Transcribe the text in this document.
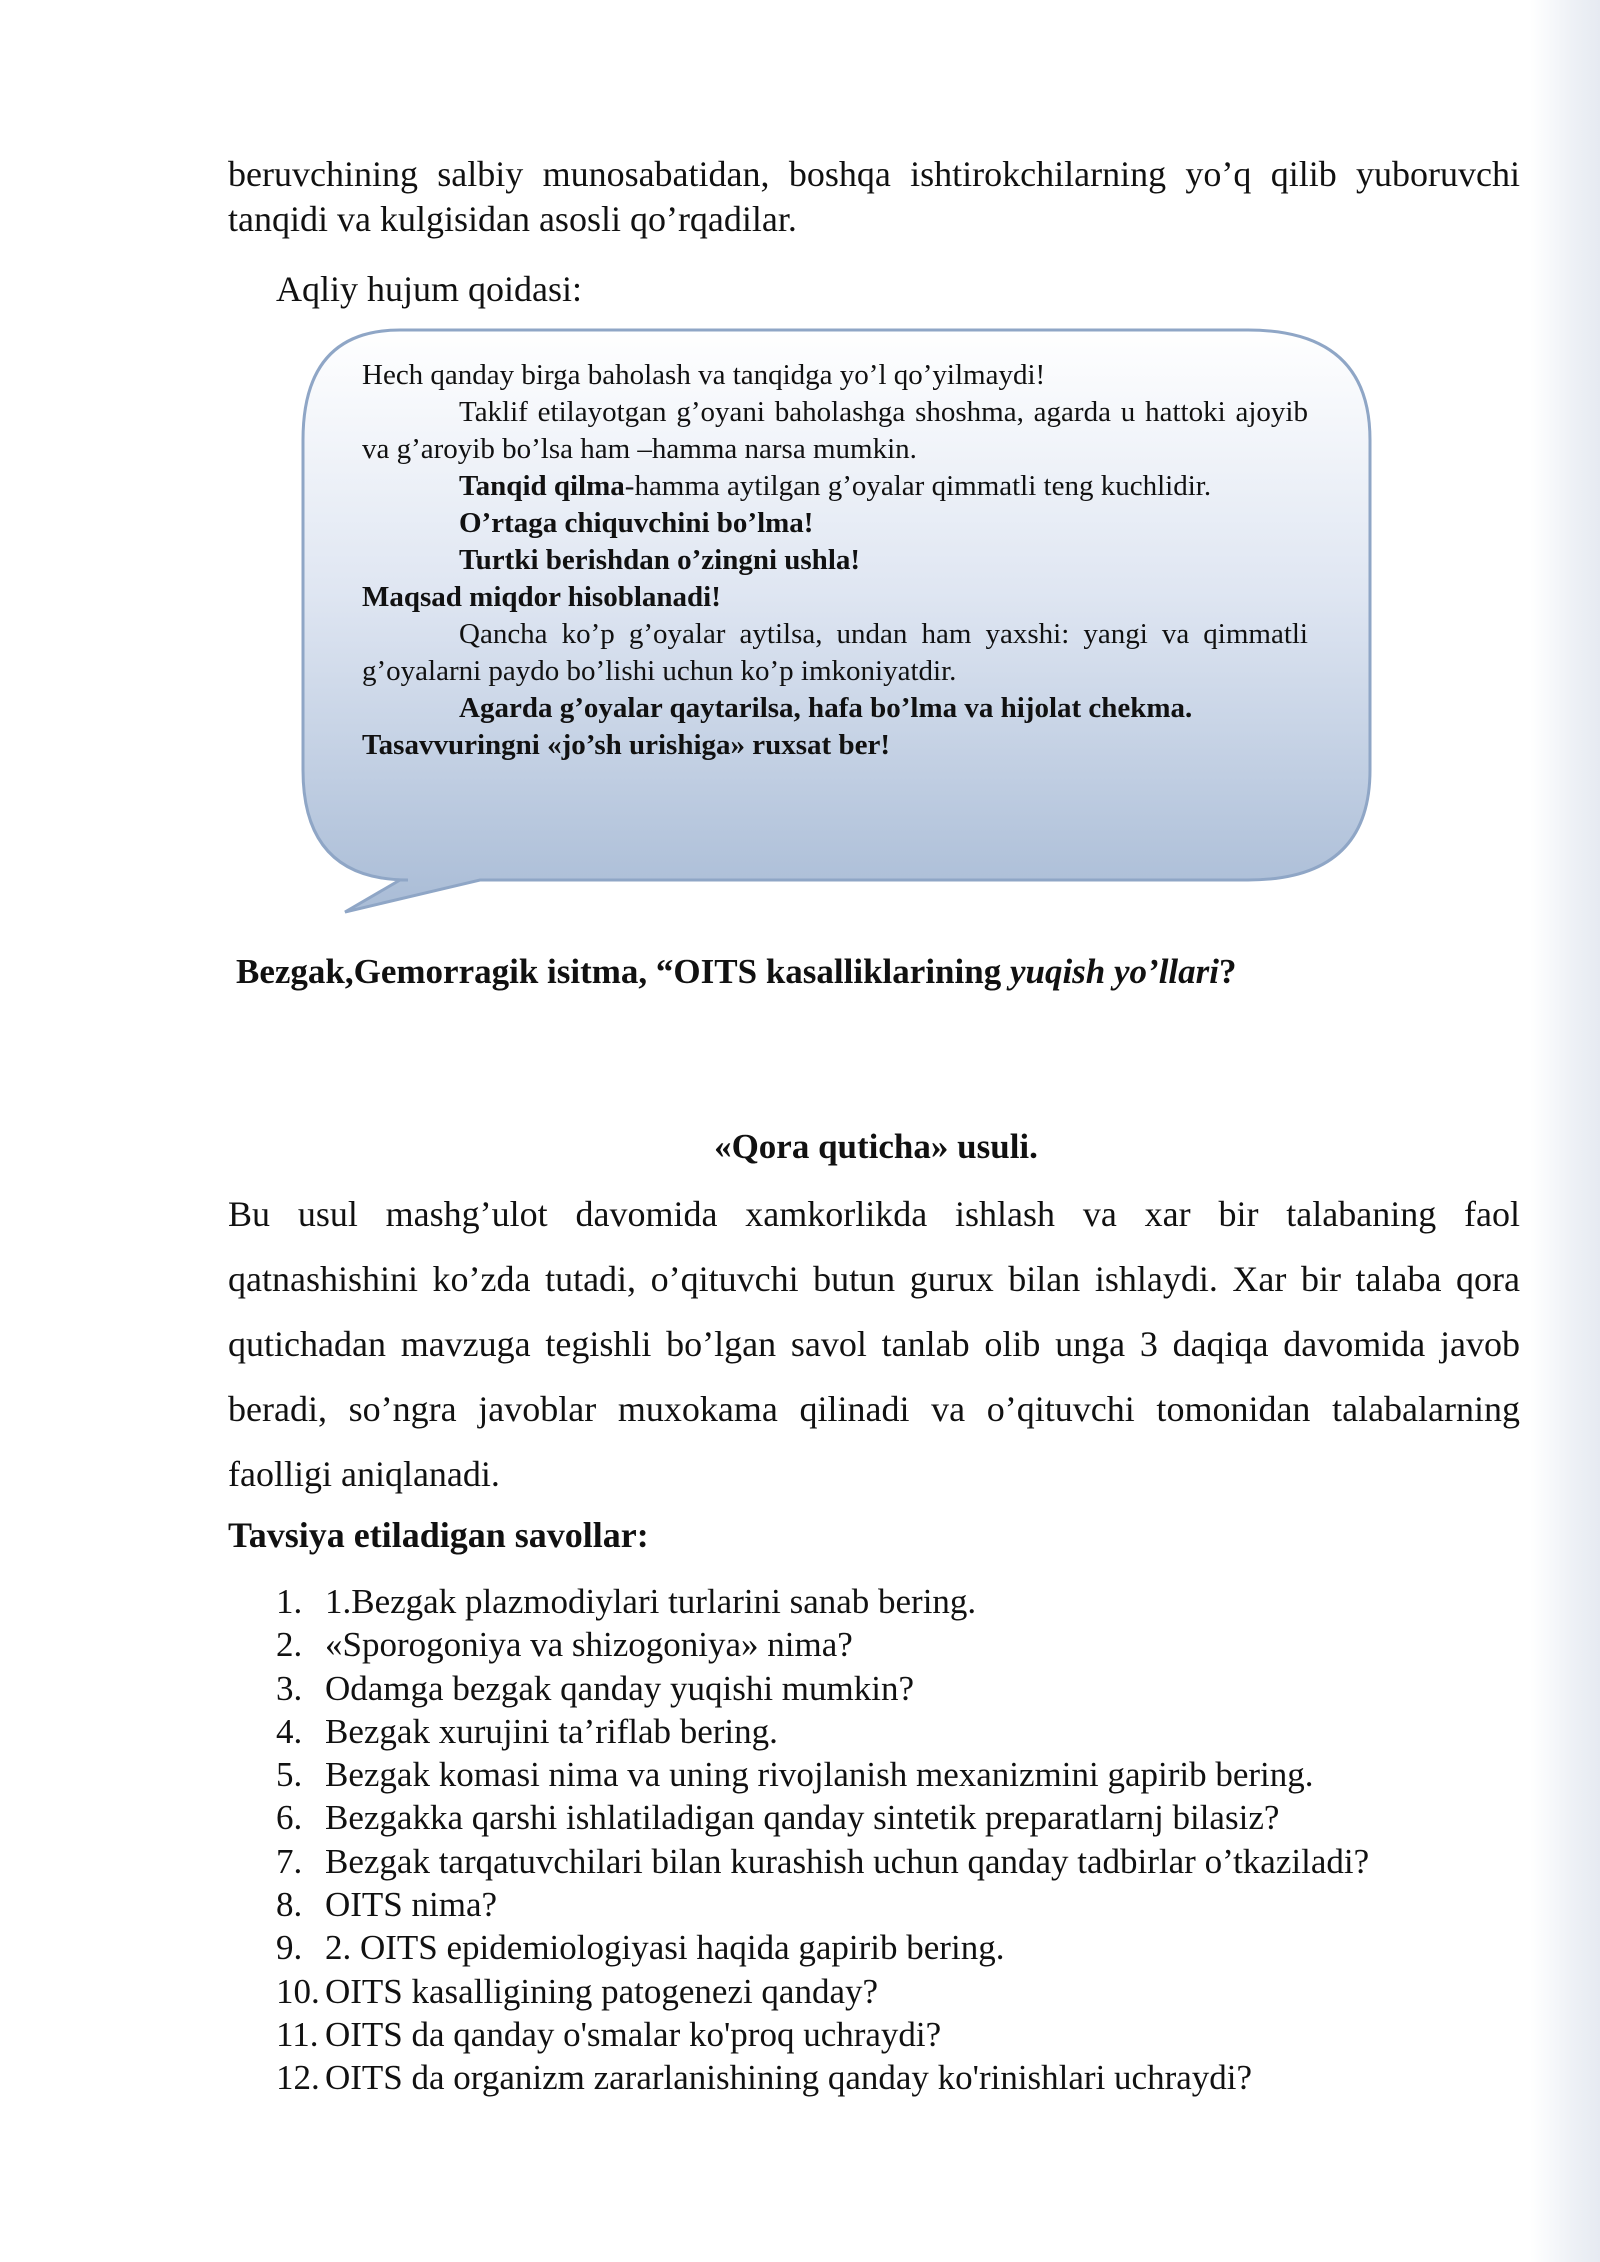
beruvchining salbiy munosabatidan, boshqa ishtirokchilarning yo’q qilib yuboruvchi tanqidi va kulgisidan asosli qo’rqadilar.

Aqliy hujum qoidasi:

Hech qanday birga baholash va tanqidga yo’l qo’yilmaydi!

Taklif etilayotgan g’oyani baholashga shoshma, agarda u hattoki ajoyib va g’aroyib bo’lsa ham –hamma narsa mumkin.

Tanqid qilma-hamma aytilgan g’oyalar qimmatli teng kuchlidir.

O’rtaga chiquvchini bo’lma!

Turtki berishdan o’zingni ushla!

Maqsad miqdor hisoblanadi!

Qancha ko’p g’oyalar aytilsa, undan ham yaxshi: yangi va qimmatli g’oyalarni paydo bo’lishi uchun ko’p imkoniyatdir.

Agarda g’oyalar qaytarilsa, hafa bo’lma va hijolat chekma.

Tasavvuringni «jo’sh urishiga» ruxsat ber!

Bezgak,Gemorragik isitma, “OITS kasalliklarining yuqish yo’llari?

«Qora quticha» usuli.

Bu usul mashg’ulot davomida xamkorlikda ishlash va xar bir talabaning faol qatnashishini ko’zda tutadi, o’qituvchi butun gurux bilan ishlaydi. Xar bir talaba qora qutichadan mavzuga tegishli bo’lgan savol tanlab olib unga 3 daqiqa davomida javob beradi, so’ngra javoblar muxokama qilinadi va o’qituvchi tomonidan talabalarning faolligi aniqlanadi.

Tavsiya etiladigan savollar:

1. 1.Bezgak plazmodiylari turlarini sanab bering.
2. «Sporogoniya va shizogoniya» nima?
3. Odamga bezgak qanday yuqishi mumkin?
4. Bezgak xurujini ta’riflab bering.
5. Bezgak komasi nima va uning rivojlanish mexanizmini gapirib bering.
6. Bezgakka qarshi ishlatiladigan qanday sintetik preparatlarnj bilasiz?
7. Bezgak tarqatuvchilari bilan kurashish uchun qanday tadbirlar o’tkaziladi?
8. OITS nima?
9. 2. OITS epidemiologiyasi haqida gapirib bering.
10. OITS kasalligining patogenezi qanday?
11. OITS da qanday o'smalar ko'proq uchraydi?
12. OITS da organizm zararlanishining qanday ko'rinishlari uchraydi?
